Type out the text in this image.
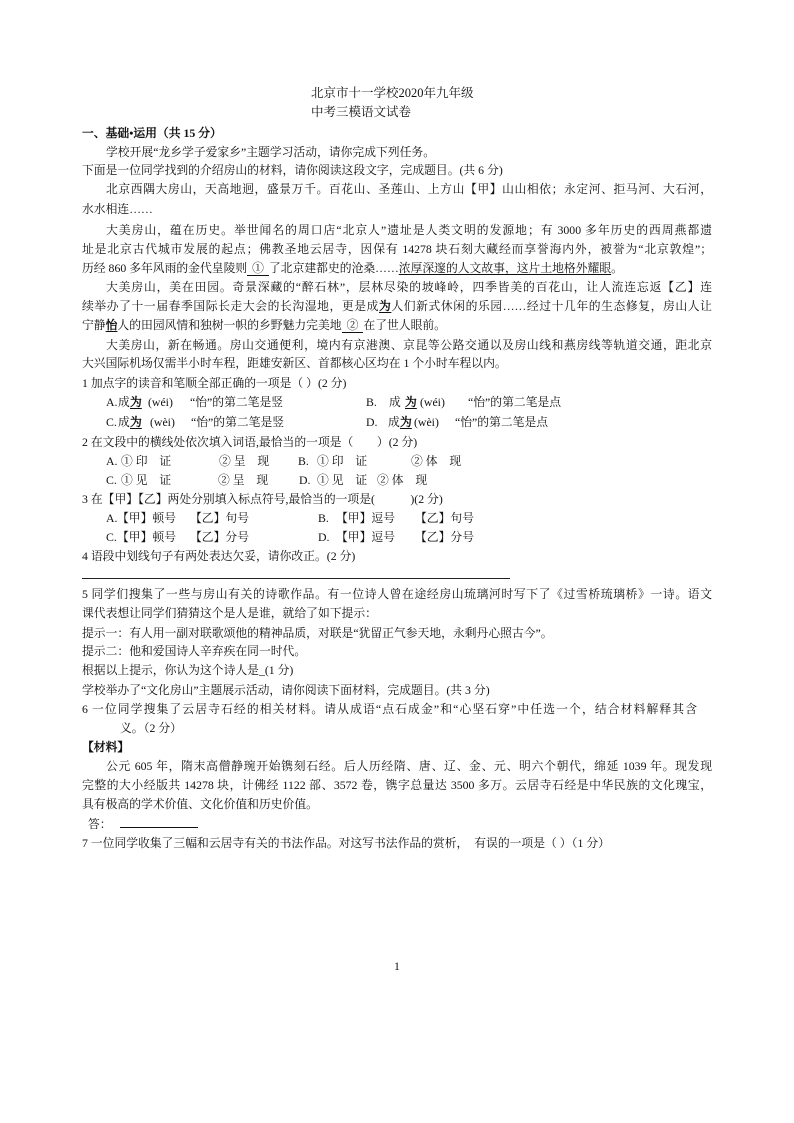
北京市十一学校2020年九年级
中考三模语文试卷
一、基础•运用（共 15 分）
学校开展“龙乡学子爱家乡”主题学习活动，请你完成下列任务。
下面是一位同学找到的介绍房山的材料，请你阅读这段文字，完成题目。(共 6 分)
北京西隅大房山，天高地迥，盛景万千。百花山、圣莲山、上方山【甲】山山相依；永定河、拒马河、大石河，
水水相连……
大美房山，蕴在历史。举世闻名的周口店“北京人”遗址是人类文明的发源地；有 3000 多年历史的西周燕都遗
址是北京古代城市发展的起点；佛教圣地云居寺，因保有 14278 块石刻大藏经而享誉海内外，被誉为“北京敦煌”；
历经 860 多年风雨的金代皇陵则 ① 了北京建都史的沧桑……浓厚深邃的人文故事，这片土地格外耀眼。
大美房山，美在田园。奇景深藏的“醉石林”，层林尽染的坡峰岭，四季皆美的百花山，让人流连忘返【乙】连
续举办了十一届春季国际长走大会的长沟湿地，更是成为人们新式休闲的乐园……经过十几年的生态修复，房山人让
宁静怡人的田园风情和独树一帜的乡野魅力完美地 ② 在了世人眼前。
大美房山，新在畅通。房山交通便利，境内有京港澳、京昆等公路交通以及房山线和燕房线等轨道交通，距北京
大兴国际机场仅需半小时车程，距雄安新区、首都核心区均在 1 个小时车程以内。
1 加点字的读音和笔顺全部正确的一项是（ ）(2 分)
A. 成 为 (wéi) “怡”的第二笔是竖	B. 成 为 (wéi) “怡”的第二笔是点
C. 成 为 (wèi) “怡”的第二笔是竖	D. 成 为 (wèi) “怡”的第二笔是点
2 在文段中的横线处依次填入词语,最恰当的一项是（　　）(2 分)
A. ① 印　证	② 呈　现 B. ① 印　证	② 体　现
C. ① 见　证	② 呈　现	D. ① 见　证 ② 体　现
3 在【甲】【乙】两处分别填入标点符号,最恰当的一项是(　　　)(2 分)
A. 【甲】顿号 【乙】句号	B. 【甲】逗号 【乙】句号
C. 【甲】顿号 【乙】分号	D. 【甲】逗号 【乙】分号
4 语段中划线句子有两处表达欠妥，请你改正。(2 分)
5 同学们搜集了一些与房山有关的诗歌作品。有一位诗人曾在途经房山琉璃河时写下了《过雪桥琉璃桥》一诗。语文
课代表想让同学们猜猜这个是人是谁，就给了如下提示：
提示一：有人用一副对联歌颂他的精神品质，对联是“犹留正气参天地，永剩丹心照古今”。
提示二：他和爱国诗人辛弃疾在同一时代。
根据以上提示，你认为这个诗人是_(1 分)
学校举办了“文化房山”主题展示活动，请你阅读下面材料，完成题目。(共 3 分)
6 一位同学搜集了云居寺石经的相关材料。请从成语“点石成金”和“心坚石穿”中任选一个，结合材料解释其含
义。（2 分）
【材料】
公元 605 年，隋末高僧静琬开始镌刻石经。后人历经隋、唐、辽、金、元、明六个朝代，绵延 1039 年。现发现
完整的大小经版共 14278 块，计佛经 1122 部、3572 卷，镌字总量达 3500 多万。云居寺石经是中华民族的文化瑰宝，
具有极高的学术价值、文化价值和历史价值。
答：
7 一位同学收集了三幅和云居寺有关的书法作品。对这写书法作品的赏析，　有误的一项是（ ）（1 分）
1
